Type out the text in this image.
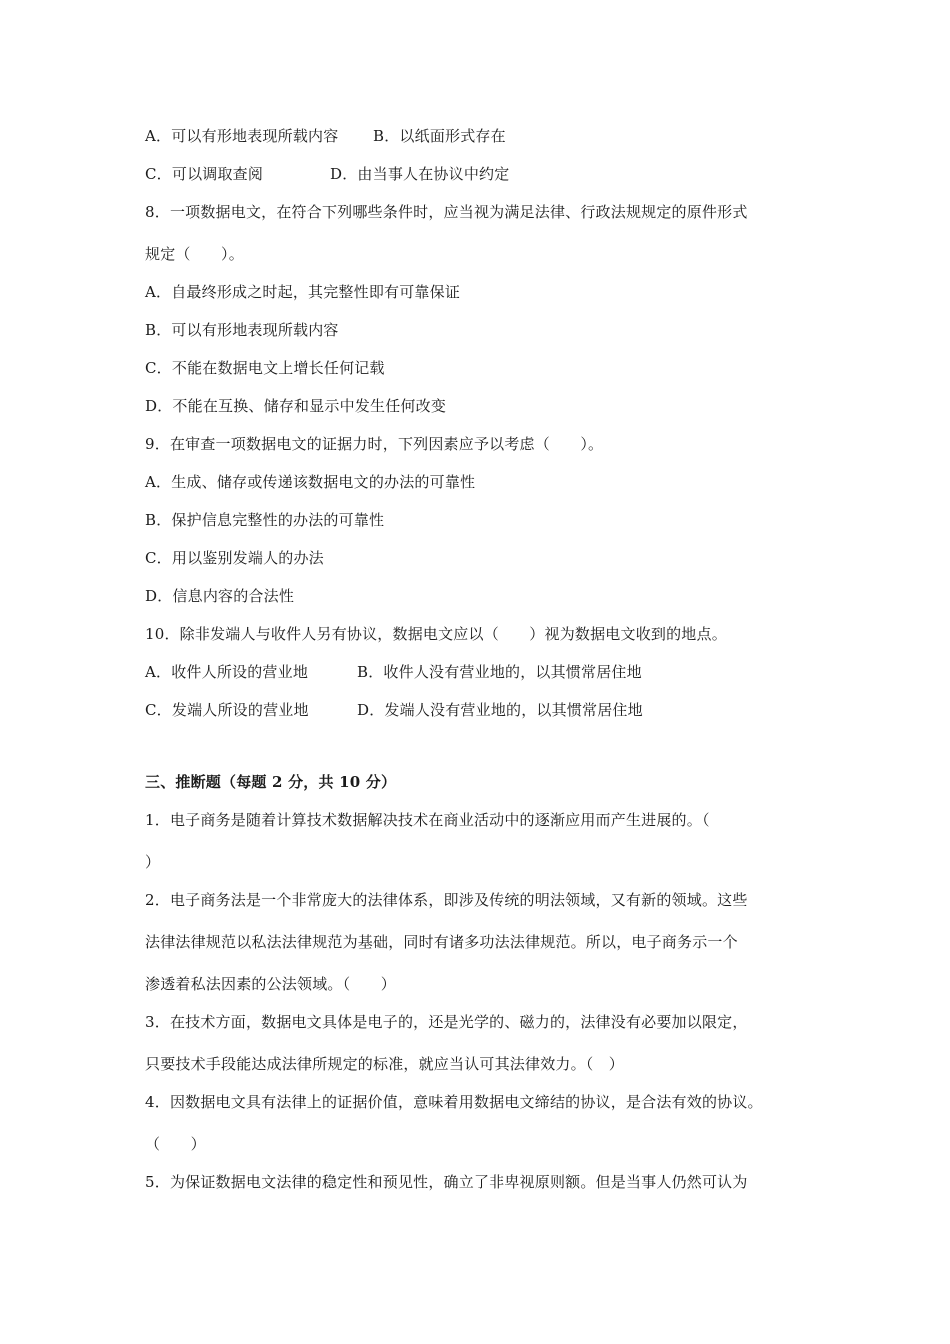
A．可以有形地表现所载内容 B．以纸面形式存在
C．可以调取查阅	D．由当事人在协议中约定
8．一项数据电文，在符合下列哪些条件时，应当视为满足法律、行政法规规定的原件形式
规定（　　）。
A．自最终形成之时起，其完整性即有可靠保证
B．可以有形地表现所载内容
C．不能在数据电文上增长任何记载
D．不能在互换、储存和显示中发生任何改变
9．在审查一项数据电文的证据力时，下列因素应予以考虑（　　）。
A．生成、储存或传递该数据电文的办法的可靠性
B．保护信息完整性的办法的可靠性
C．用以鉴别发端人的办法
D．信息内容的合法性
10．除非发端人与收件人另有协议，数据电文应以（　　）视为数据电文收到的地点。
A．收件人所设的营业地	B．收件人没有营业地的，以其惯常居住地
C．发端人所设的营业地	D．发端人没有营业地的，以其惯常居住地
三、推断题（每题 2 分，共 10 分）
1．电子商务是随着计算技术数据解决技术在商业活动中的逐渐应用而产生进展的。（
）
2．电子商务法是一个非常庞大的法律体系，即涉及传统的明法领域，又有新的领域。这些
法律法律规范以私法法律规范为基础，同时有诸多功法法律规范。所以，电子商务示一个
渗透着私法因素的公法领域。（　　）
3．在技术方面，数据电文具体是电子的，还是光学的、磁力的，法律没有必要加以限定，
只要技术手段能达成法律所规定的标准，就应当认可其法律效力。（　）
4．因数据电文具有法律上的证据价值，意味着用数据电文缔结的协议，是合法有效的协议。
（　　）
5．为保证数据电文法律的稳定性和预见性，确立了非卑视原则额。但是当事人仍然可认为
